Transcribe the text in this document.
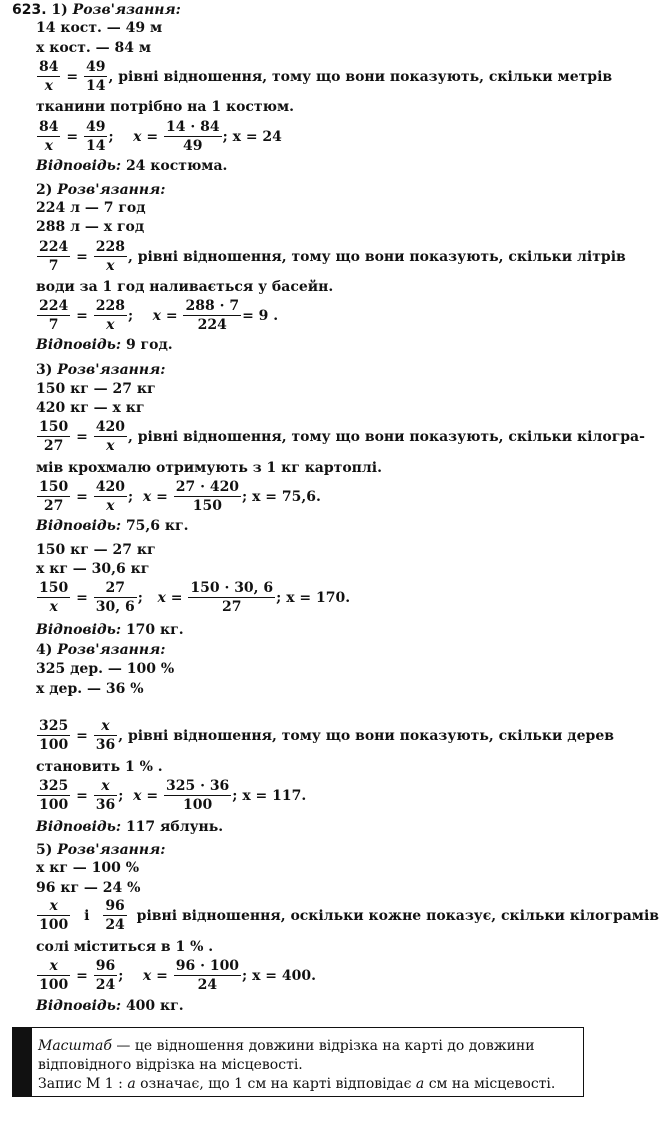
623. 1) Розв'язання:
14 кост. — 49 м
x кост. — 84 м
$\frac{84}{x} = \frac{49}{14}$ , рівні відношення, тому що вони показують, скільки метрів
тканини потрібно на 1 костюм.
$\frac{84}{x} = \frac{49}{14}$ ;    $x = \frac{14 \cdot 84}{49}$ ; x = 24
Відповідь: 24 костюма.
2) Розв'язання:
224 л — 7 год
288 л — x год
$\frac{224}{7} = \frac{228}{x}$ , рівні відношення, тому що вони показують, скільки літрів
води за 1 год наливається у басейн.
$\frac{224}{7} = \frac{228}{x}$ ;    $x = \frac{288 \cdot 7}{224} = 9$ .
Відповідь: 9 год.
3) Розв'язання:
150 кг — 27 кг
420 кг — x кг
$\frac{150}{27} = \frac{420}{x}$ , рівні відношення, тому що вони показують, скільки кілогра-
мів крохмалю отримують з 1 кг картоплі.
$\frac{150}{27} = \frac{420}{x}$ ;  $x = \frac{27 \cdot 420}{150}$ ; x = 75,6.
Відповідь: 75,6 кг.
150 кг — 27 кг
x кг — 30,6 кг
$\frac{150}{x} = \frac{27}{30, 6}$ ;   $x = \frac{150 \cdot 30, 6}{27}$ ; x = 170.
Відповідь: 170 кг.
4) Розв'язання:
325 дер. — 100 %
x дер. — 36 %
$\frac{325}{100} = \frac{x}{36}$ , рівні відношення, тому що вони показують, скільки дерев
становить 1 % .
$\frac{325}{100} = \frac{x}{36}$ ;  $x = \frac{325 \cdot 36}{100}$ ; x = 117.
Відповідь: 117 яблунь.
5) Розв'язання:
x кг — 100 %
96 кг — 24 %
$\frac{x}{100}$ і $\frac{96}{24}$ рівні відношення, оскільки кожне показує, скільки кілограмів
солі міститься в 1 % .
$\frac{x}{100} = \frac{96}{24}$ ;    $x = \frac{96 \cdot 100}{24}$ ; x = 400.
Відповідь: 400 кг.
Масштаб — це відношення довжини відрізка на карті до довжини
відповідного відрізка на місцевості.
Запис М 1 : a означає, що 1 см на карті відповідає a см на місцевості.
